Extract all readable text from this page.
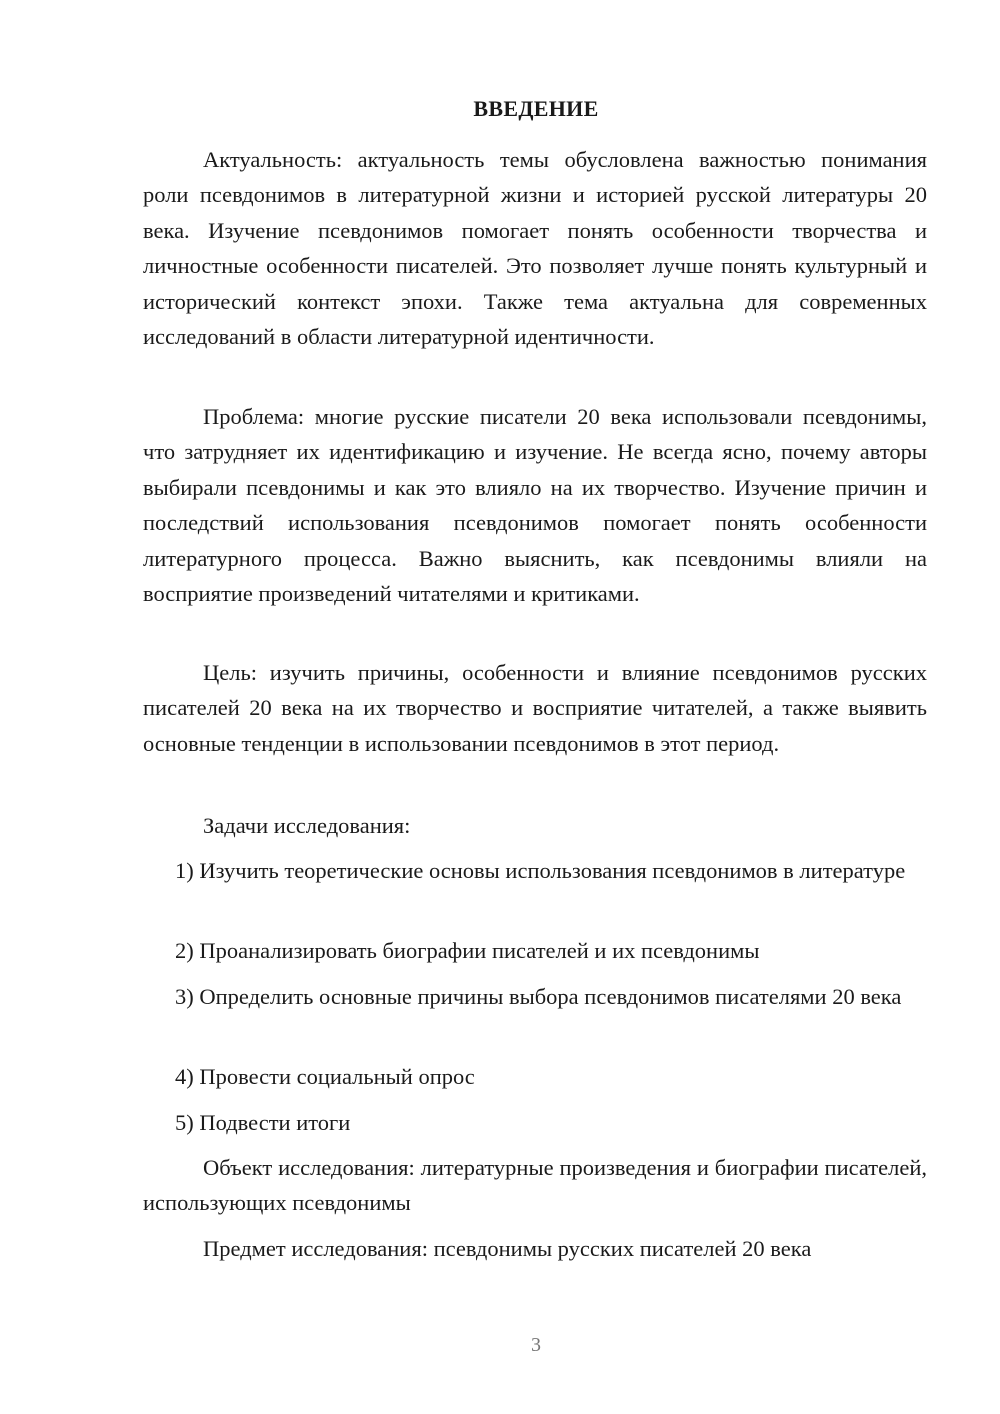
ВВЕДЕНИЕ

Актуальность: актуальность темы обусловлена важностью понимания роли псевдонимов в литературной жизни и историей русской литературы 20 века. Изучение псевдонимов помогает понять особенности творчества и личностные особенности писателей. Это позволяет лучше понять культурный и исторический контекст эпохи. Также тема актуальна для современных исследований в области литературной идентичности.

Проблема: многие русские писатели 20 века использовали псевдонимы, что затрудняет их идентификацию и изучение. Не всегда ясно, почему авторы выбирали псевдонимы и как это влияло на их творчество. Изучение причин и последствий использования псевдонимов помогает понять особенности литературного процесса. Важно выяснить, как псевдонимы влияли на восприятие произведений читателями и критиками.

Цель: изучить причины, особенности и влияние псевдонимов русских писателей 20 века на их творчество и восприятие читателей, а также выявить основные тенденции в использовании псевдонимов в этот период.

Задачи исследования:

1) Изучить теоретические основы использования псевдонимов в литературе

2) Проанализировать биографии писателей и их псевдонимы

3) Определить основные причины выбора псевдонимов писателями 20 века

4) Провести социальный опрос

5) Подвести итоги

Объект исследования: литературные произведения и биографии писателей, использующих псевдонимы

Предмет исследования: псевдонимы русских писателей 20 века

3
